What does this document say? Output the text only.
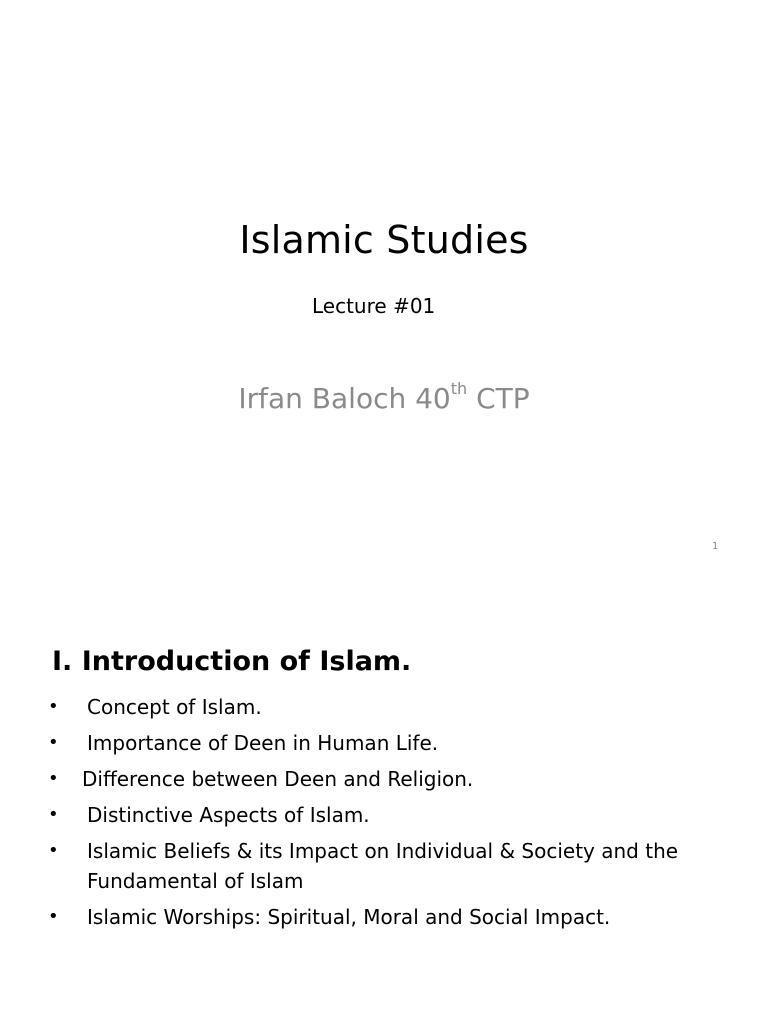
Islamic Studies
Lecture #01
Irfan Baloch 40th CTP
1
I. Introduction of Islam.
•	Concept of Islam.
•	Importance of Deen in Human Life.
•	Difference between Deen and Religion.
•	Distinctive Aspects of Islam.
•	Islamic Beliefs & its Impact on Individual & Society and the Fundamental of Islam
•	Islamic Worships: Spiritual, Moral and Social Impact.
